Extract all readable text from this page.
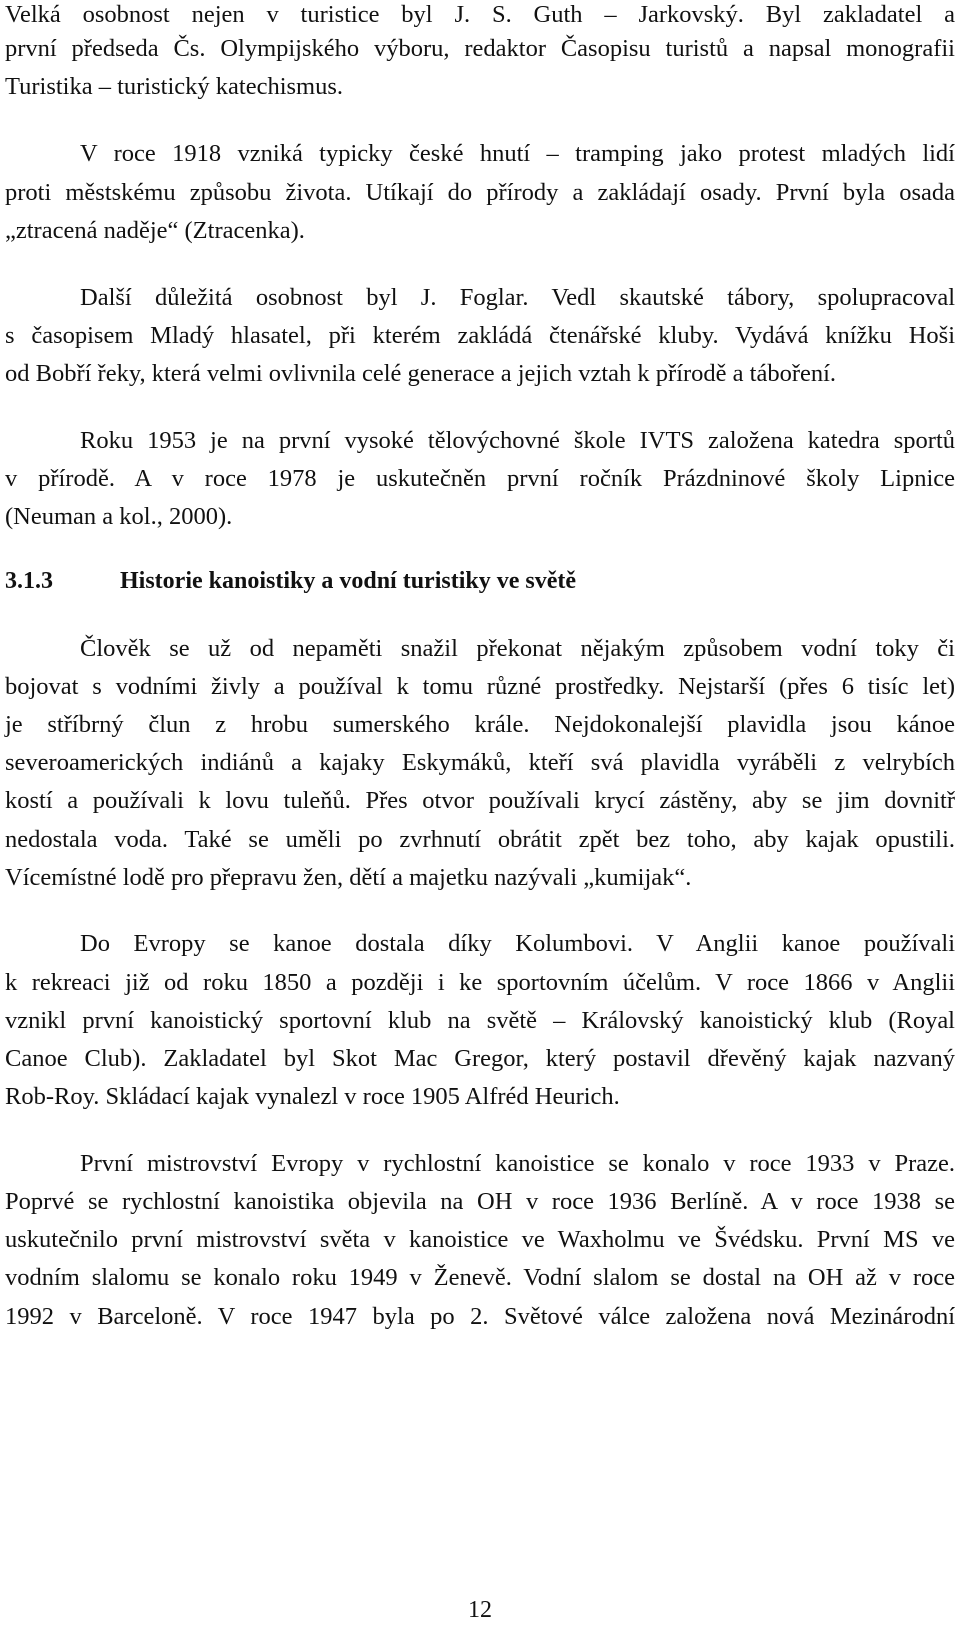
Velká osobnost nejen v turistice byl J. S. Guth – Jarkovský. Byl zakladatel a
první předseda Čs. Olympijského výboru, redaktor Časopisu turistů a napsal monografii
Turistika – turistický katechismus.
V roce 1918 vzniká typicky české hnutí – tramping jako protest mladých lidí
proti městskému způsobu života. Utíkají do přírody a zakládají osady. První byla osada
„ztracená naděje“ (Ztracenka).
Další důležitá osobnost byl J. Foglar. Vedl skautské tábory, spolupracoval
s časopisem Mladý hlasatel, při kterém zakládá čtenářské kluby. Vydává knížku Hoši
od Bobří řeky, která velmi ovlivnila celé generace a jejich vztah k přírodě a táboření.
Roku 1953 je na první vysoké tělovýchovné škole IVTS založena katedra sportů
v přírodě. A v roce 1978 je uskutečněn první ročník Prázdninové školy Lipnice
(Neuman a kol., 2000).
3.1.3	Historie kanoistiky a vodní turistiky ve světě
Člověk se už od nepaměti snažil překonat nějakým způsobem vodní toky či
bojovat s vodními živly a používal k tomu různé prostředky. Nejstarší (přes 6 tisíc let)
je stříbrný člun z hrobu sumerského krále. Nejdokonalejší plavidla jsou kánoe
severoamerických indiánů a kajaky Eskymáků, kteří svá plavidla vyráběli z velrybích
kostí a používali k lovu tuleňů. Přes otvor používali krycí zástěny, aby se jim dovnitř
nedostala voda. Také se uměli po zvrhnutí obrátit zpět bez toho, aby kajak opustili.
Vícemístné lodě pro přepravu žen, dětí a majetku nazývali „kumijak“.
Do Evropy se kanoe dostala díky Kolumbovi. V Anglii kanoe používali
k rekreaci již od roku 1850 a později i ke sportovním účelům. V roce 1866 v Anglii
vznikl první kanoistický sportovní klub na světě – Královský kanoistický klub (Royal
Canoe Club). Zakladatel byl Skot Mac Gregor, který postavil dřevěný kajak nazvaný
Rob-Roy. Skládací kajak vynalezl v roce 1905 Alfréd Heurich.
První mistrovství Evropy v rychlostní kanoistice se konalo v roce 1933 v Praze.
Poprvé se rychlostní kanoistika objevila na OH v roce 1936 Berlíně. A v roce 1938 se
uskutečnilo první mistrovství světa v kanoistice ve Waxholmu ve Švédsku. První MS ve
vodním slalomu se konalo roku 1949 v Ženevě. Vodní slalom se dostal na OH až v roce
1992 v Barceloně. V roce 1947 byla po 2. Světové válce založena nová Mezinárodní
12
